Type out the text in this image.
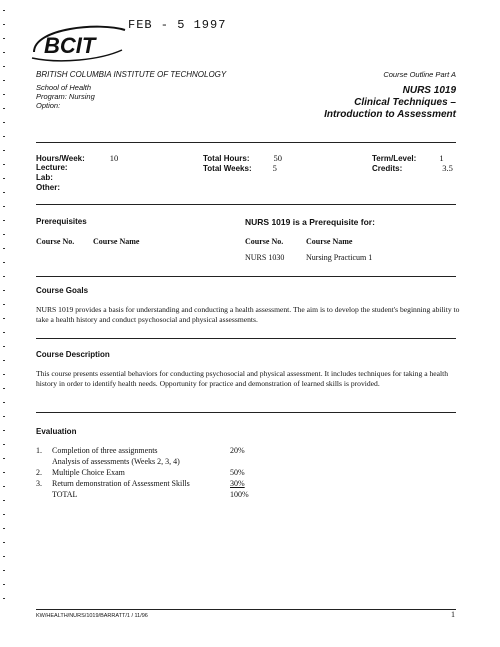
BCIT
FEB - 5 1997
BRITISH COLUMBIA INSTITUTE OF TECHNOLOGY
School of Health
Program: Nursing
Option:
Course Outline Part A
NURS 1019
Clinical Techniques –
Introduction to Assessment
Hours/Week:	10
Lecture:
Lab:
Other:
Total Hours:	50
Total Weeks: 5
Term/Level:	1
Credits:	3.5
Prerequisites	NURS 1019 is a Prerequisite for:
Course No. Course Name	Course No.	Course Name
NURS 1030	Nursing Practicum 1
Course Goals
NURS 1019 provides a basis for understanding and conducting a health assessment. The aim is to develop the student's beginning ability to take a health history and conduct psychosocial and physical assessments.
Course Description
This course presents essential behaviors for conducting psychosocial and physical assessment. It includes techniques for taking a health history in order to identify health needs. Opportunity for practice and demonstration of learned skills is provided.
Evaluation
1. Completion of three assignments	20%
Analysis of assessments (Weeks 2, 3, 4)
2. Multiple Choice Exam	50%
3. Return demonstration of Assessment Skills	30%
TOTAL	100%
KW/HEALTH/NURS/1019/BARRATT/1 / 11/96	1
